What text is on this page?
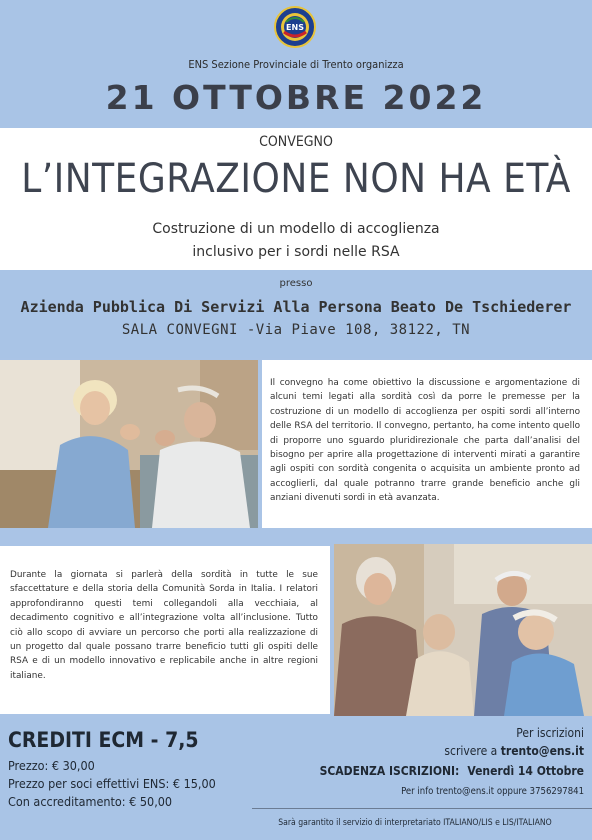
ENS
ENS Sezione Provinciale di Trento organizza
21 OTTOBRE 2022
CONVEGNO
L’INTEGRAZIONE NON HA ETÀ
Costruzione di un modello di accoglienza
inclusivo per i sordi nelle RSA
presso
Azienda Pubblica Di Servizi Alla Persona Beato De Tschiederer
SALA CONVEGNI -Via Piave 108, 38122, TN
Il convegno ha come obiettivo la discussione e argomentazione di alcuni temi legati alla sordità così da porre le premesse per la costruzione di un modello di accoglienza per ospiti sordi all’interno delle RSA del territorio. Il convegno, pertanto, ha come intento quello di proporre uno sguardo pluridirezionale che parta dall’analisi del bisogno per aprire alla progettazione di interventi mirati a garantire agli ospiti con sordità congenita o acquisita un ambiente pronto ad accoglierli, dal quale potranno trarre grande beneficio anche gli anziani divenuti sordi in età avanzata.
Durante la giornata si parlerà della sordità in tutte le sue sfaccettature e della storia della Comunità Sorda in Italia. I relatori approfondiranno questi temi collegandoli alla vecchiaia, al decadimento cognitivo e all’integrazione volta all’inclusione. Tutto ciò allo scopo di avviare un percorso che porti alla realizzazione di un progetto dal quale possano trarre beneficio tutti gli ospiti delle RSA e di un modello innovativo e replicabile anche in altre regioni italiane.
CREDITI ECM - 7,5
Prezzo: € 30,00
Prezzo per soci effettivi ENS: € 15,00
Con accreditamento: € 50,00
Per iscrizioni
scrivere a trento@ens.it
SCADENZA ISCRIZIONI: Venerdì 14 Ottobre
Per info trento@ens.it oppure 3756297841
Sarà garantito il servizio di interpretariato ITALIANO/LIS e LIS/ITALIANO
